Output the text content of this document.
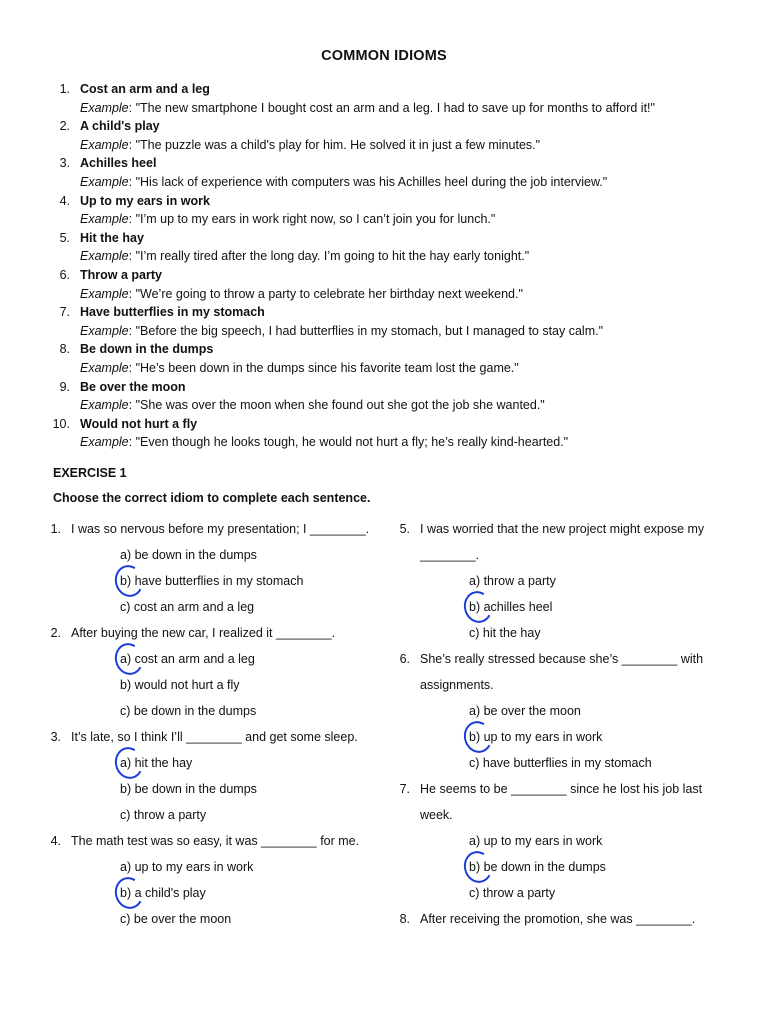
COMMON IDIOMS
1. Cost an arm and a leg
Example: "The new smartphone I bought cost an arm and a leg. I had to save up for months to afford it!"
2. A child's play
Example: "The puzzle was a child's play for him. He solved it in just a few minutes."
3. Achilles heel
Example: "His lack of experience with computers was his Achilles heel during the job interview."
4. Up to my ears in work
Example: "I’m up to my ears in work right now, so I can’t join you for lunch."
5. Hit the hay
Example: "I’m really tired after the long day. I’m going to hit the hay early tonight."
6. Throw a party
Example: "We’re going to throw a party to celebrate her birthday next weekend."
7. Have butterflies in my stomach
Example: "Before the big speech, I had butterflies in my stomach, but I managed to stay calm."
8. Be down in the dumps
Example: "He’s been down in the dumps since his favorite team lost the game."
9. Be over the moon
Example: "She was over the moon when she found out she got the job she wanted."
10. Would not hurt a fly
Example: "Even though he looks tough, he would not hurt a fly; he’s really kind-hearted."
EXERCISE 1
Choose the correct idiom to complete each sentence.
1. I was so nervous before my presentation; I ________.
a) be down in the dumps
b) have butterflies in my stomach
c) cost an arm and a leg
2. After buying the new car, I realized it ________.
a) cost an arm and a leg
b) would not hurt a fly
c) be down in the dumps
3. It’s late, so I think I’ll ________ and get some sleep.
a) hit the hay
b) be down in the dumps
c) throw a party
4. The math test was so easy, it was ________ for me.
a) up to my ears in work
b) a child's play
c) be over the moon
5. I was worried that the new project might expose my
________.
a) throw a party
b) achilles heel
c) hit the hay
6. She’s really stressed because she’s ________ with
assignments.
a) be over the moon
b) up to my ears in work
c) have butterflies in my stomach
7. He seems to be ________ since he lost his job last
week.
a) up to my ears in work
b) be down in the dumps
c) throw a party
8. After receiving the promotion, she was ________.
